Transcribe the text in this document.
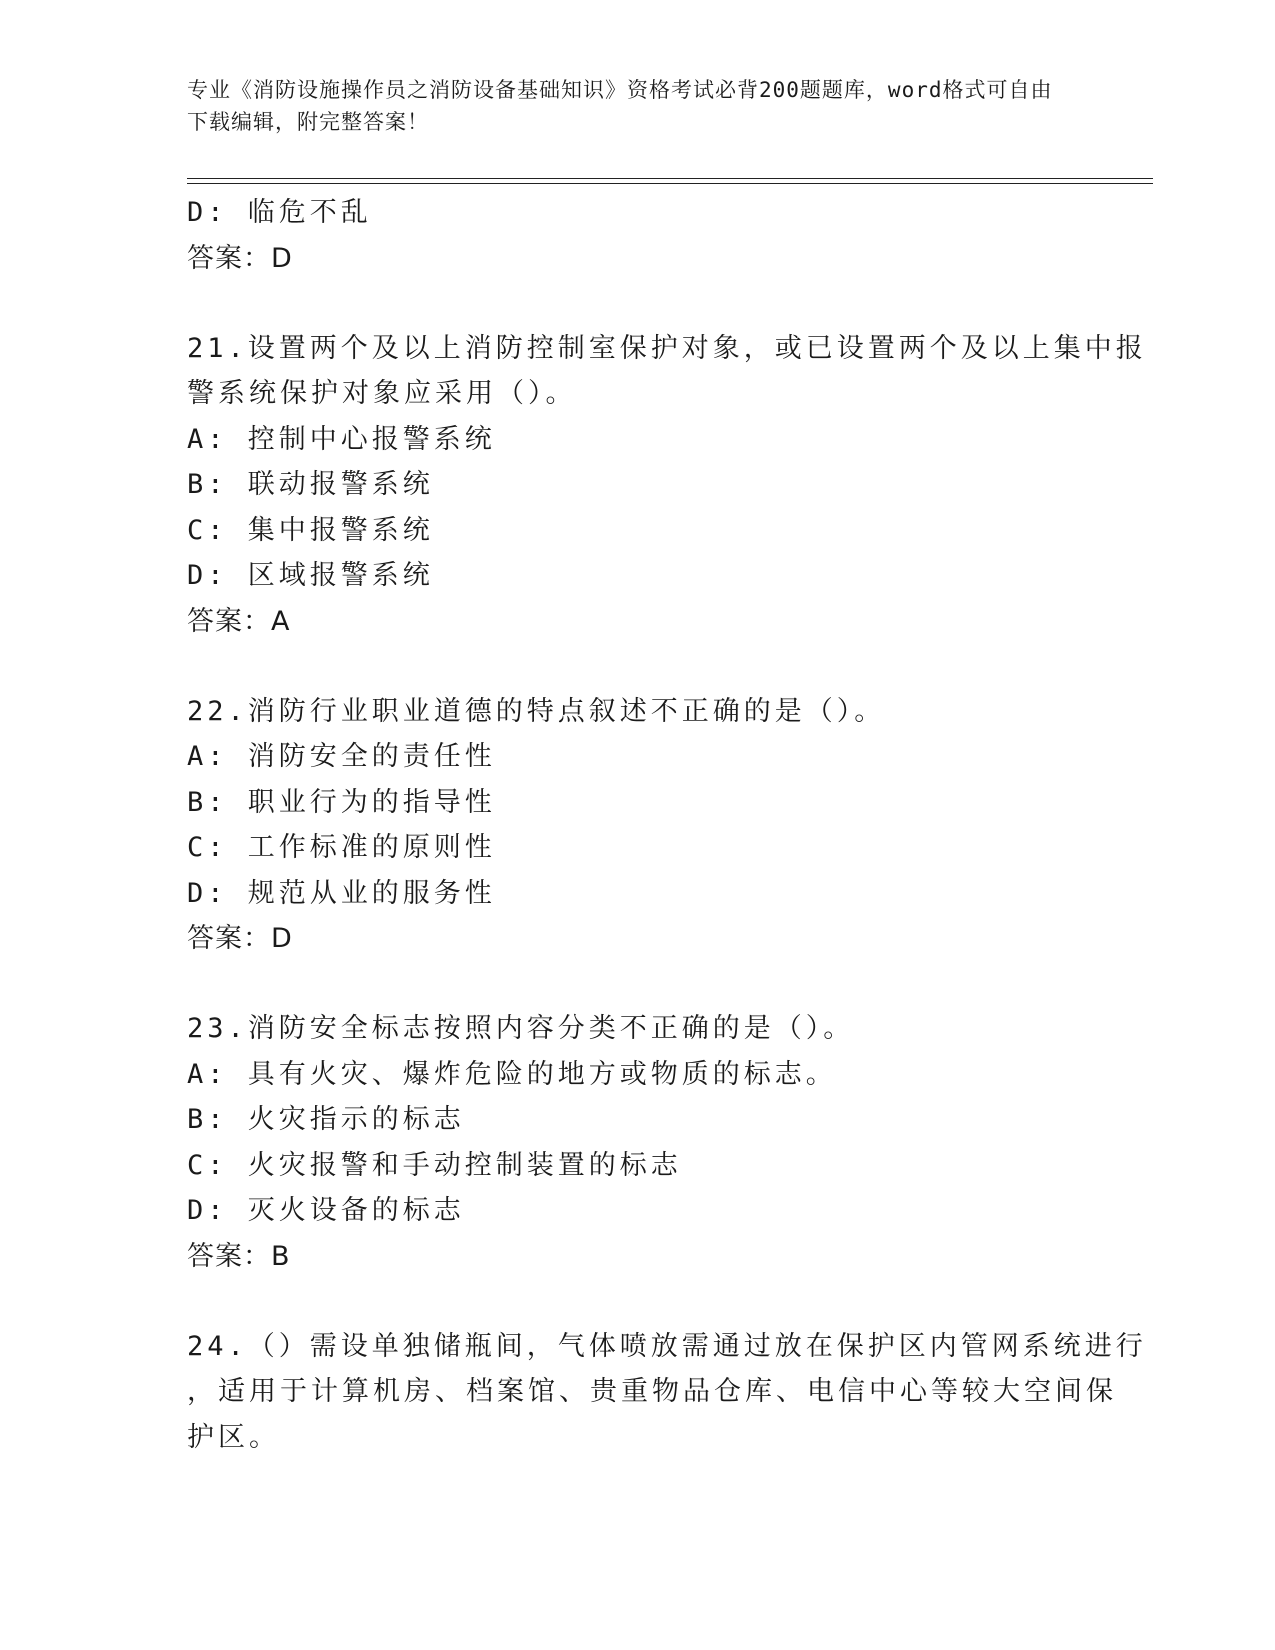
专业《消防设施操作员之消防设备基础知识》资格考试必背200题题库，word格式可自由下载编辑，附完整答案！
D: 临危不乱
答案：D
21.设置两个及以上消防控制室保护对象，或已设置两个及以上集中报
警系统保护对象应采用（）。
A: 控制中心报警系统
B: 联动报警系统
C: 集中报警系统
D: 区域报警系统
答案：A
22.消防行业职业道德的特点叙述不正确的是（）。
A: 消防安全的责任性
B: 职业行为的指导性
C: 工作标准的原则性
D: 规范从业的服务性
答案：D
23.消防安全标志按照内容分类不正确的是（）。
A: 具有火灾、爆炸危险的地方或物质的标志。
B: 火灾指示的标志
C: 火灾报警和手动控制装置的标志
D: 灭火设备的标志
答案：B
24.（）需设单独储瓶间，气体喷放需通过放在保护区内管网系统进行
，适用于计算机房、档案馆、贵重物品仓库、电信中心等较大空间保
护区。
